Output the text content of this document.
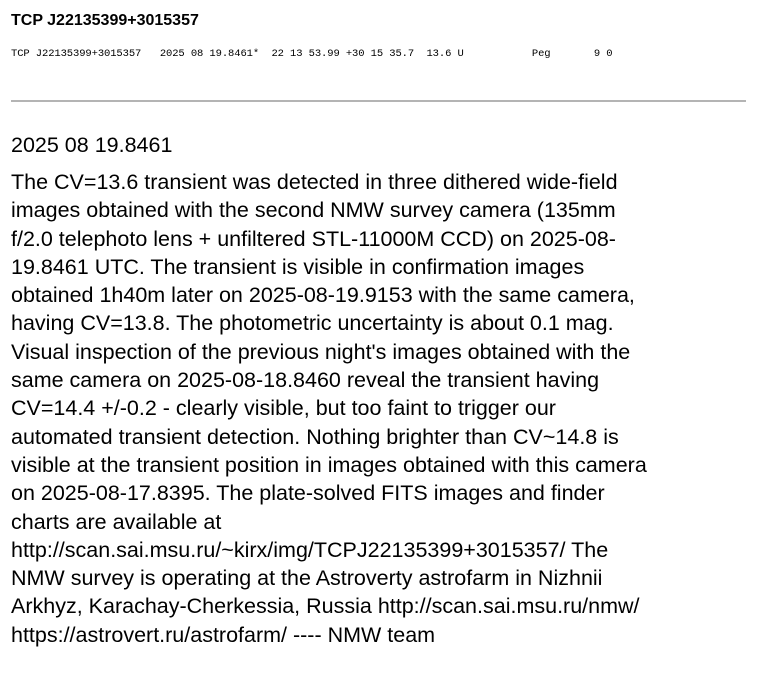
TCP J22135399+3015357
TCP J22135399+3015357   2025 08 19.8461*  22 13 53.99 +30 15 35.7  13.6 U           Peg       9 0
2025 08 19.8461
The CV=13.6 transient was detected in three dithered wide-field
images obtained with the second NMW survey camera (135mm
f/2.0 telephoto lens + unfiltered STL-11000M CCD) on 2025-08-
19.8461 UTC. The transient is visible in confirmation images
obtained 1h40m later on 2025-08-19.9153 with the same camera,
having CV=13.8. The photometric uncertainty is about 0.1 mag.
Visual inspection of the previous night's images obtained with the
same camera on 2025-08-18.8460 reveal the transient having
CV=14.4 +/-0.2 - clearly visible, but too faint to trigger our
automated transient detection. Nothing brighter than CV~14.8 is
visible at the transient position in images obtained with this camera
on 2025-08-17.8395. The plate-solved FITS images and finder
charts are available at
http://scan.sai.msu.ru/~kirx/img/TCPJ22135399+3015357/ The
NMW survey is operating at the Astroverty astrofarm in Nizhnii
Arkhyz, Karachay-Cherkessia, Russia http://scan.sai.msu.ru/nmw/
https://astrovert.ru/astrofarm/ ---- NMW team
